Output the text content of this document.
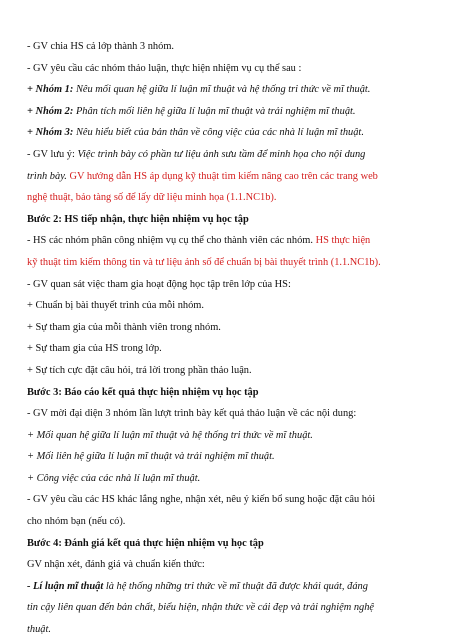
- GV chia HS cả lớp thành 3 nhóm.
- GV yêu cầu các nhóm thảo luận, thực hiện nhiệm vụ cụ thể sau :
+ Nhóm 1: Nêu mối quan hệ giữa lí luận mĩ thuật và hệ thống tri thức về mĩ thuật.
+ Nhóm 2: Phân tích mối liên hệ giữa lí luận mĩ thuật và trải nghiệm mĩ thuật.
+ Nhóm 3: Nêu hiểu biết của bản thân về công việc của các nhà lí luận mĩ thuật.
- GV lưu ý: Việc trình bày có phần tư liệu ảnh sưu tầm để minh họa cho nội dung
trình bày. GV hướng dẫn HS áp dụng kỹ thuật tìm kiếm nâng cao trên các trang web
nghệ thuật, bảo tàng số để lấy dữ liệu minh họa (1.1.NC1b).
Bước 2: HS tiếp nhận, thực hiện nhiệm vụ học tập
- HS các nhóm phân công nhiệm vụ cụ thể cho thành viên các nhóm. HS thực hiện
kỹ thuật tìm kiếm thông tin và tư liệu ảnh số để chuẩn bị bài thuyết trình (1.1.NC1b).
- GV quan sát việc tham gia hoạt động học tập trên lớp của HS:
+ Chuẩn bị bài thuyết trình của mỗi nhóm.
+ Sự tham gia của mỗi thành viên trong nhóm.
+ Sự tham gia của HS trong lớp.
+ Sự tích cực đặt câu hỏi, trả lời trong phần thảo luận.
Bước 3: Báo cáo kết quả thực hiện nhiệm vụ học tập
- GV mời đại diện 3 nhóm lần lượt trình bày kết quả thảo luận về các nội dung:
+ Mối quan hệ giữa lí luận mĩ thuật và hệ thống tri thức về mĩ thuật.
+ Mối liên hệ giữa lí luận mĩ thuật và trải nghiệm mĩ thuật.
+ Công việc của các nhà lí luận mĩ thuật.
- GV yêu cầu các HS khác lắng nghe, nhận xét, nêu ý kiến bổ sung hoặc đặt câu hỏi
cho nhóm bạn (nếu có).
Bước 4: Đánh giá kết quả thực hiện nhiệm vụ học tập
GV nhận xét, đánh giá và chuẩn kiến thức:
- Lí luận mĩ thuật là hệ thống những tri thức về mĩ thuật đã được khái quát, đáng
tin cậy liên quan đến bản chất, biểu hiện, nhận thức về cái đẹp và trải nghiệm nghệ
thuật.
